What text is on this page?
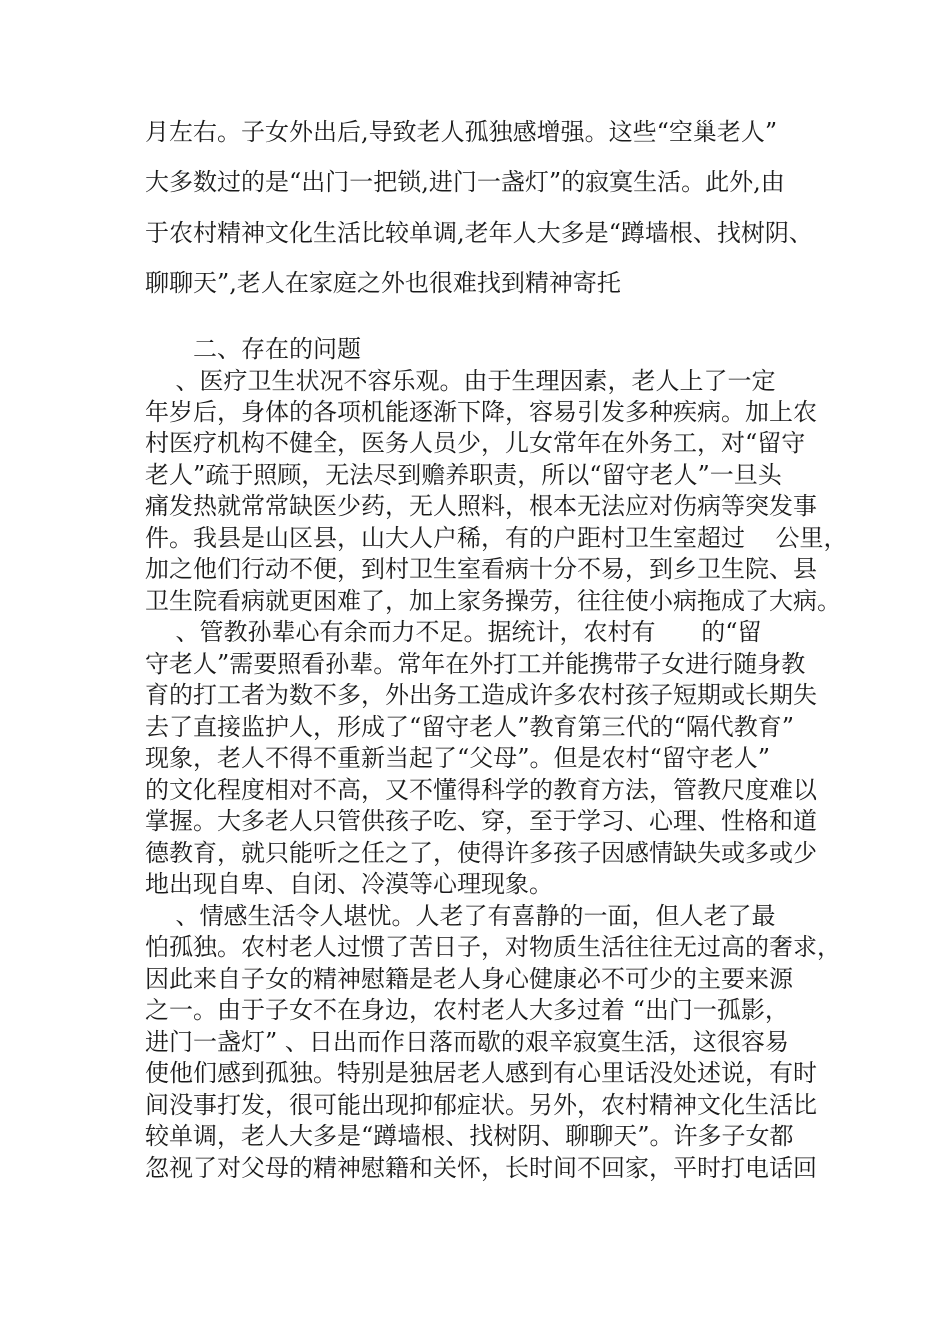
月左右。子女外出后,导致老人孤独感增强。这些“空巢老人”
大多数过的是“出门一把锁,进门一盏灯”的寂寞生活。此外,由
于农村精神文化生活比较单调,老年人大多是“蹲墙根、找树阴、
聊聊天”,老人在家庭之外也很难找到精神寄托
二、存在的问题
、医疗卫生状况不容乐观。由于生理因素，老人上了一定
年岁后，身体的各项机能逐渐下降，容易引发多种疾病。加上农
村医疗机构不健全，医务人员少，儿女常年在外务工，对“留守
老人”疏于照顾，无法尽到赡养职责，所以“留守老人”一旦头
痛发热就常常缺医少药，无人照料，根本无法应对伤病等突发事
件。我县是山区县，山大人户稀，有的户距村卫生室超过    公里，
加之他们行动不便，到村卫生室看病十分不易，到乡卫生院、县
卫生院看病就更困难了，加上家务操劳，往往使小病拖成了大病。
、管教孙辈心有余而力不足。据统计，农村有      的“留
守老人”需要照看孙辈。常年在外打工并能携带子女进行随身教
育的打工者为数不多，外出务工造成许多农村孩子短期或长期失
去了直接监护人，形成了“留守老人”教育第三代的“隔代教育”
现象，老人不得不重新当起了“父母”。但是农村“留守老人”
的文化程度相对不高，又不懂得科学的教育方法，管教尺度难以
掌握。大多老人只管供孩子吃、穿，至于学习、心理、性格和道
德教育，就只能听之任之了，使得许多孩子因感情缺失或多或少
地出现自卑、自闭、冷漠等心理现象。
、情感生活令人堪忧。人老了有喜静的一面，但人老了最
怕孤独。农村老人过惯了苦日子，对物质生活往往无过高的奢求，
因此来自子女的精神慰籍是老人身心健康必不可少的主要来源
之一。由于子女不在身边，农村老人大多过着 “出门一孤影，
进门一盏灯” 、日出而作日落而歇的艰辛寂寞生活，这很容易
使他们感到孤独。特别是独居老人感到有心里话没处述说，有时
间没事打发，很可能出现抑郁症状。另外，农村精神文化生活比
较单调，老人大多是“蹲墙根、找树阴、聊聊天”。许多子女都
忽视了对父母的精神慰籍和关怀，长时间不回家，平时打电话回
